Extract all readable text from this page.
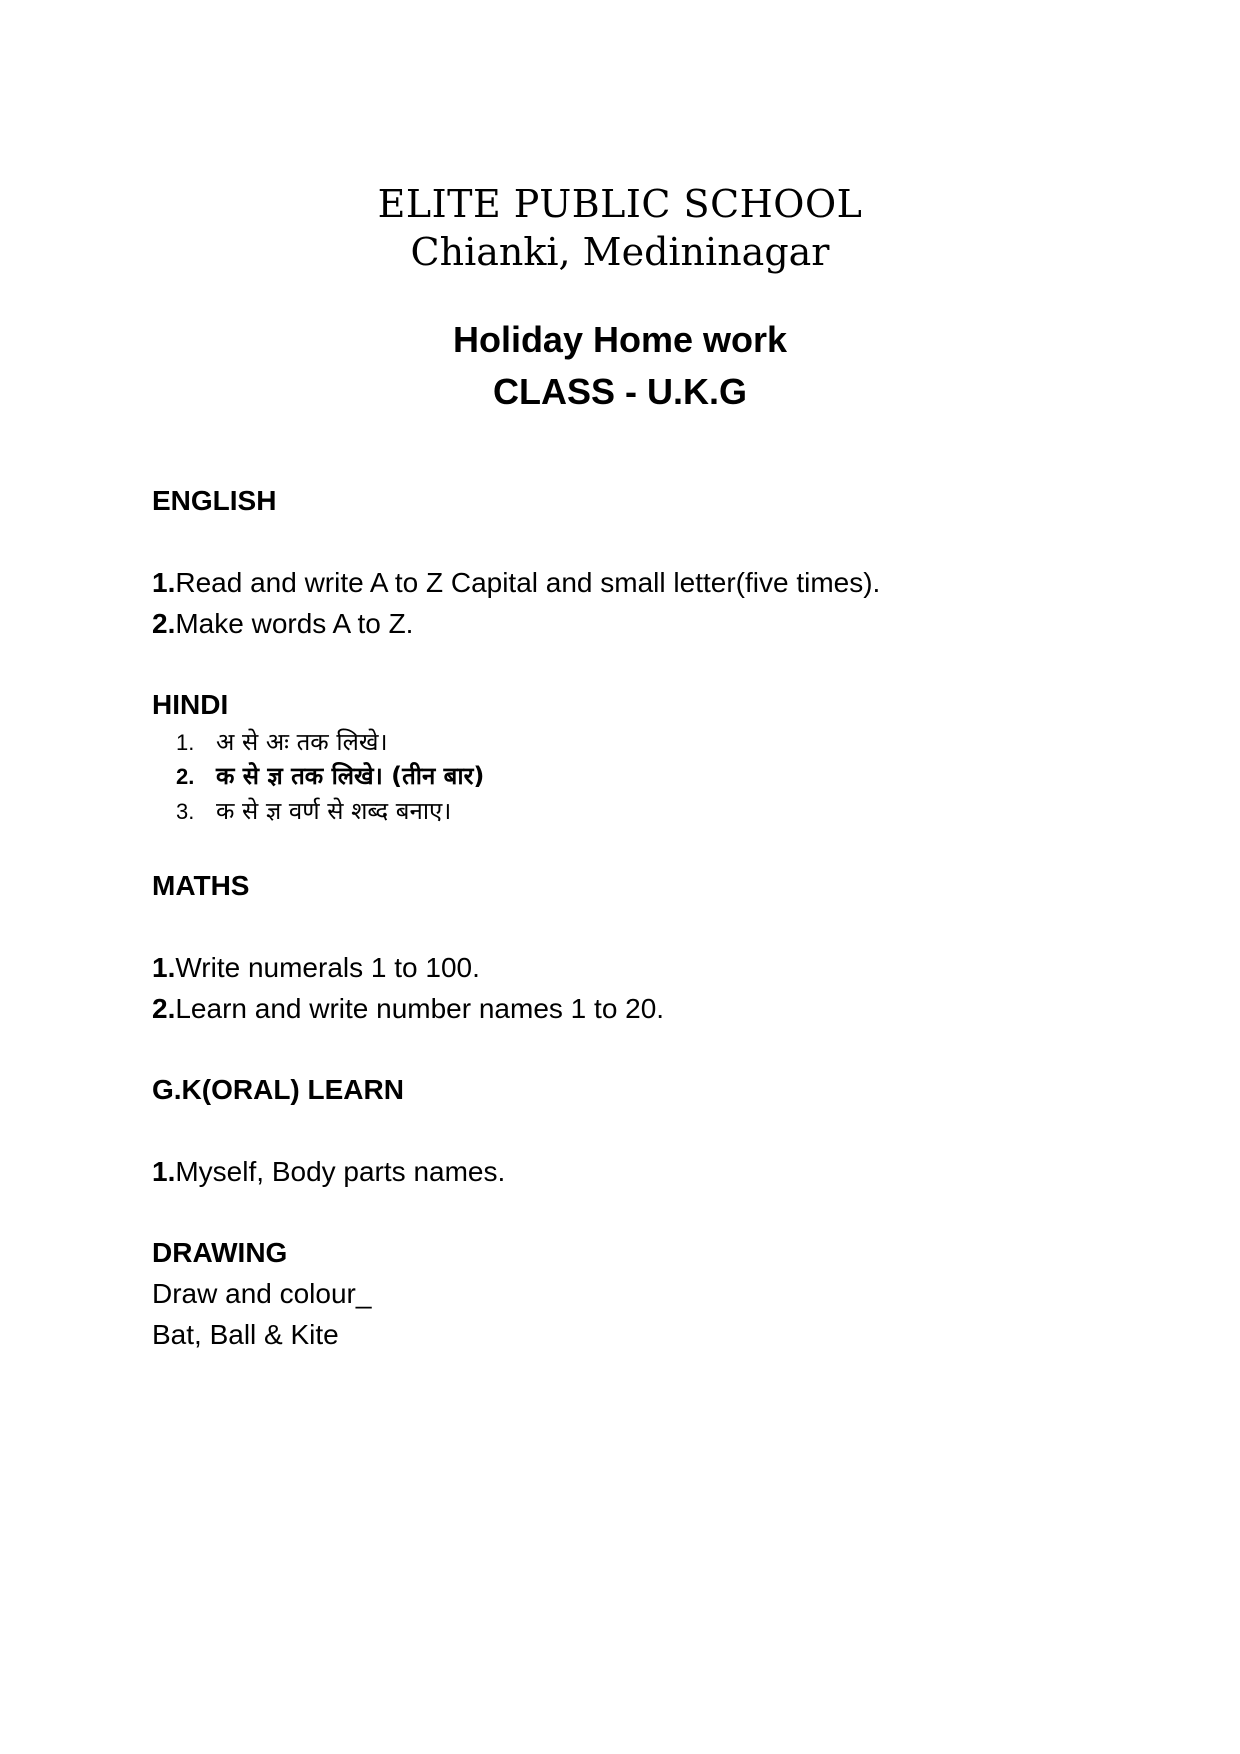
ELITE PUBLIC SCHOOL
Chianki, Medininagar
Holiday Home work
CLASS - U.K.G
ENGLISH
1.Read and write A to Z Capital and small letter(five times).
2.Make words A to Z.
HINDI
1. अ से अः तक लिखे।
2. क से ज्ञ तक लिखे। (तीन बार)
3. क से ज्ञ वर्ण से शब्द बनाए।
MATHS
1.Write numerals 1 to 100.
2.Learn and write number names 1 to 20.
G.K(ORAL) LEARN
1.Myself, Body parts names.
DRAWING
Draw and colour_
Bat, Ball & Kite
